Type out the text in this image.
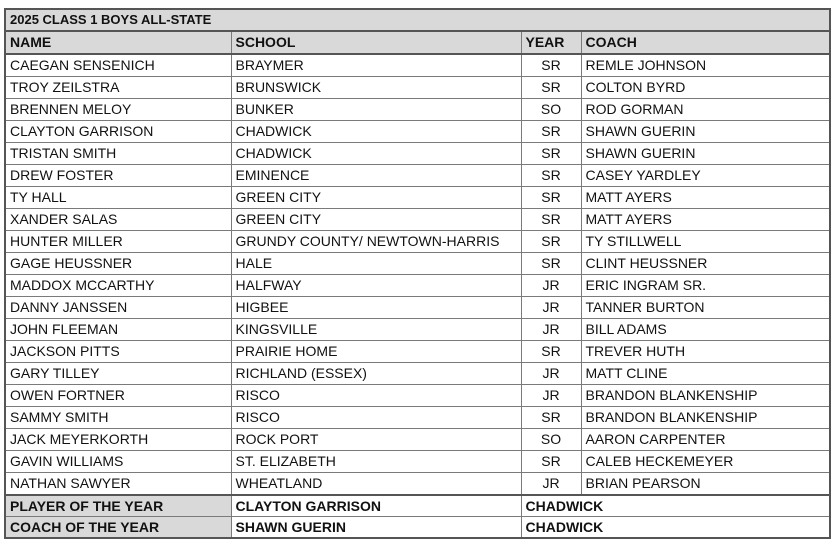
2025 CLASS 1 BOYS ALL-STATE			
NAME	SCHOOL	YEAR	COACH
CAEGAN SENSENICH	BRAYMER	SR	REMLE JOHNSON
TROY ZEILSTRA	BRUNSWICK	SR	COLTON BYRD
BRENNEN MELOY	BUNKER	SO	ROD GORMAN
CLAYTON GARRISON	CHADWICK	SR	SHAWN GUERIN
TRISTAN SMITH	CHADWICK	SR	SHAWN GUERIN
DREW FOSTER	EMINENCE	SR	CASEY YARDLEY
TY HALL	GREEN CITY	SR	MATT AYERS
XANDER SALAS	GREEN CITY	SR	MATT AYERS
HUNTER MILLER	GRUNDY COUNTY/ NEWTOWN-HARRIS	SR	TY STILLWELL
GAGE HEUSSNER	HALE	SR	CLINT HEUSSNER
MADDOX MCCARTHY	HALFWAY	JR	ERIC INGRAM SR.
DANNY JANSSEN	HIGBEE	JR	TANNER BURTON
JOHN FLEEMAN	KINGSVILLE	JR	BILL ADAMS
JACKSON PITTS	PRAIRIE HOME	SR	TREVER HUTH
GARY TILLEY	RICHLAND (ESSEX)	JR	MATT CLINE
OWEN FORTNER	RISCO	JR	BRANDON BLANKENSHIP
SAMMY SMITH	RISCO	SR	BRANDON BLANKENSHIP
JACK MEYERKORTH	ROCK PORT	SO	AARON CARPENTER
GAVIN WILLIAMS	ST. ELIZABETH	SR	CALEB HECKEMEYER
NATHAN SAWYER	WHEATLAND	JR	BRIAN PEARSON
PLAYER OF THE YEAR	CLAYTON GARRISON	CHADWICK	
COACH OF THE YEAR	SHAWN GUERIN	CHADWICK	
